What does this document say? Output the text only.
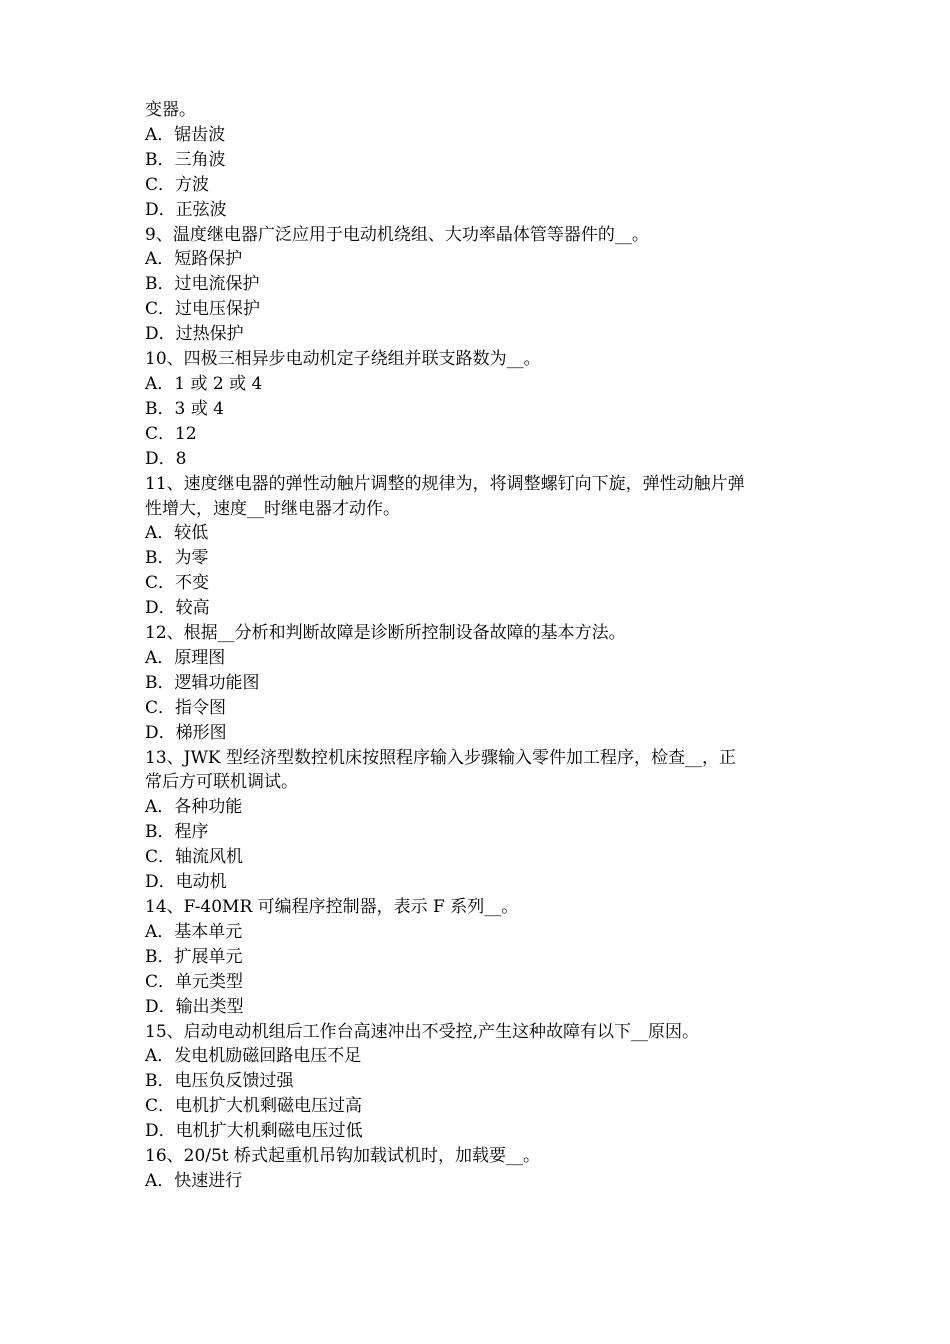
变器。

A．锯齿波

B．三角波

C．方波

D．正弦波

9、温度继电器广泛应用于电动机绕组、大功率晶体管等器件的__。

A．短路保护

B．过电流保护

C．过电压保护

D．过热保护

10、四极三相异步电动机定子绕组并联支路数为__。

A．1 或 2 或 4

B．3 或 4

C．12

D．8

11、速度继电器的弹性动触片调整的规律为，将调整螺钉向下旋，弹性动触片弹

性增大，速度__时继电器才动作。

A．较低

B．为零

C．不变

D．较高

12、根据__分析和判断故障是诊断所控制设备故障的基本方法。

A．原理图

B．逻辑功能图

C．指令图

D．梯形图

13、JWK 型经济型数控机床按照程序输入步骤输入零件加工程序，检查__，正

常后方可联机调试。

A．各种功能

B．程序

C．轴流风机

D．电动机

14、F-40MR 可编程序控制器，表示 F 系列__。

A．基本单元

B．扩展单元

C．单元类型

D．输出类型

15、启动电动机组后工作台高速冲出不受控,产生这种故障有以下__原因。

A．发电机励磁回路电压不足

B．电压负反馈过强

C．电机扩大机剩磁电压过高

D．电机扩大机剩磁电压过低

16、20/5t 桥式起重机吊钩加载试机时，加载要__。

A．快速进行
